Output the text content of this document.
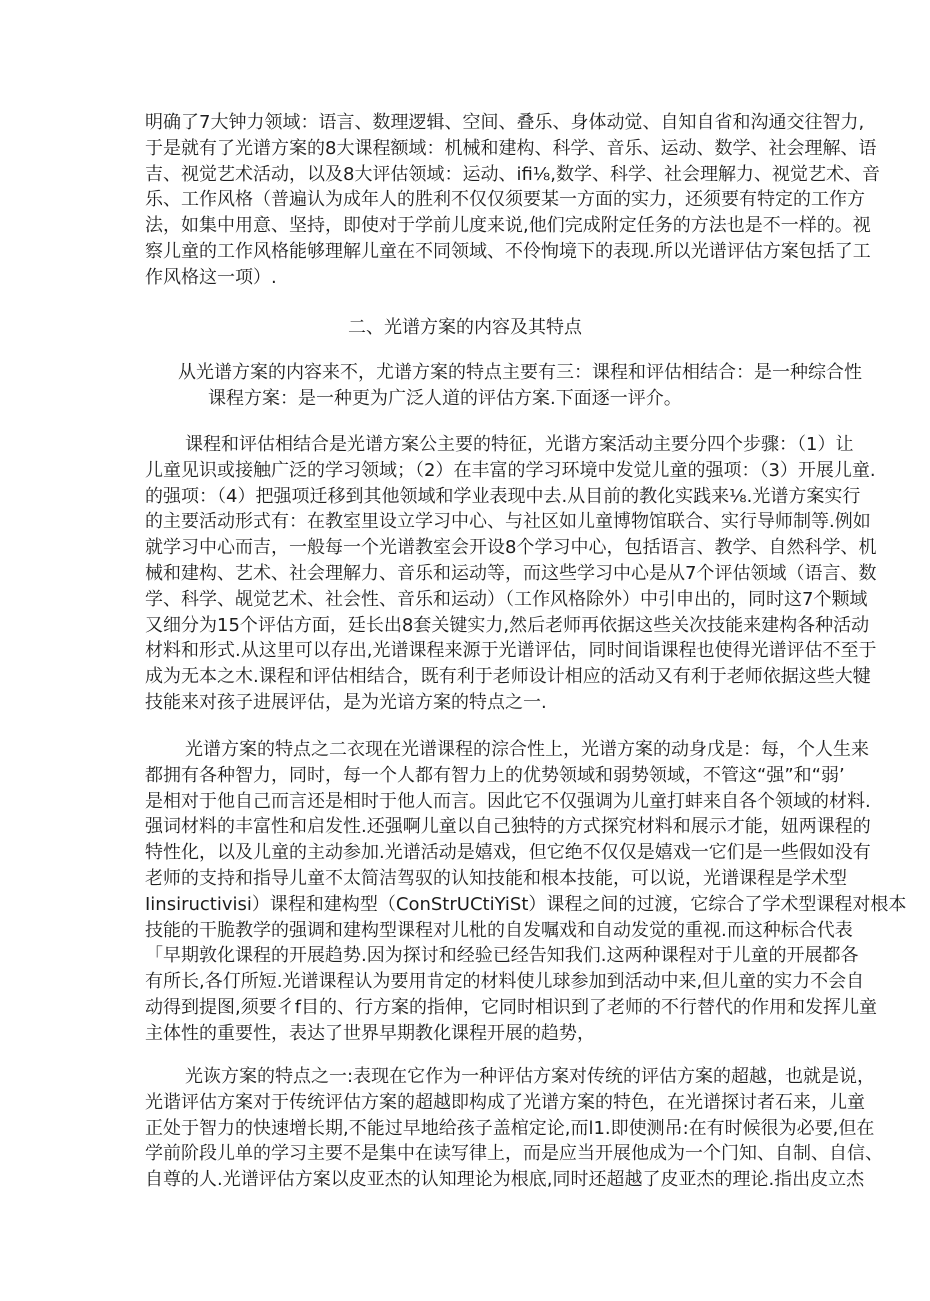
二、光谱方案的内容及其特点
明确了7大钟力领域：语言、数理逻辑、空间、叠乐、身体动觉、自知自省和沟通交往智力,
于是就有了光谱方案的8大课程额域：机械和建构、科学、音乐、运动、数学、社会理解、语
吉、视觉艺术活动，以及8大评估领域：运动、ifi⅛,数学、科学、社会理解力、视觉艺术、音
乐、工作风格（普遍认为成年人的胜利不仅仅须要某一方面的实力，还须要有特定的工作方
法，如集中用意、坚持，即使对于学前儿度来说,他们完成附定任务的方法也是不一样的。视
察儿童的工作风格能够理解儿童在不同领域、不伶恂境下的表现.所以光谱评估方案包括了工
作风格这一项）.
从光谱方案的内容来不，尤谱方案的特点主要有三：课程和评估相结合：是一种综合性
课程方案：是一种更为广泛人道的评估方案.下面逐一评介。
课程和评估相结合是光谱方案公主要的特征，光谐方案活动主要分四个步骤：（1）让
儿童见识或接触广泛的学习领域；（2）在丰富的学习环境中发觉儿童的强项：（3）开展儿童.
的强项：（4）把强项迁移到其他领域和学业表现中去.从目前的教化实践来⅛.光谱方案实行
的主要活动形式有：在教室里设立学习中心、与社区如儿童博物馆联合、实行导师制等.例如
就学习中心而吉，一般每一个光谱教室会开设8个学习中心，包括语言、教学、自然科学、机
械和建构、艺术、社会理解力、音乐和运动等，而这些学习中心是从7个评估领域（语言、数
学、科学、觇觉艺术、社会性、音乐和运动）（工作风格除外）中引申出的，同时这7个颗域
又细分为15个评估方面，廷长出8套关键实力,然后老师再依据这些关次技能来建构各种活动
材料和形式.从这里可以存出,光谱课程来源于光谱评估，同时间诣课程也使得光谱评估不至于
成为无本之木.课程和评估相结合，既有利于老师设计相应的活动又有利于老师依据这些大犍
技能来对孩子进展评估，是为光谙方案的特点之一.
光谱方案的特点之二衣现在光谱课程的淙合性上，光谱方案的动身戊是：每，个人生来
都拥有各种智力，同时，每一个人都有智力上的优势领域和弱势领域，不管这“强”和“弱’
是相对于他自己而言还是相时于他人而言。因此它不仅强调为儿童打蚌来自各个领域的材料.
强词材料的丰富性和启发性.还强啊儿童以自己独特的方式探究材料和展示才能，妞两课程的
特性化，以及儿童的主动参加.光谱活动是嬉戏，但它绝不仅仅是嬉戏一它们是一些假如没有
老师的支持和指导儿童不太简洁驾驭的认知技能和根本技能，可以说，光谱课程是学术型
Iinsiructivisi）课程和建构型（ConStrUCtiYiSt）课程之间的过渡，它综合了学术型课程对根本
技能的干脆教学的强调和建构型课程对儿枇的自发嘱戏和自动发觉的重视.而这种标合代表
「早期敦化课程的开展趋势.因为探讨和经验已经告知我们.这两种课程对于儿童的开展都各
有所长,各仃所短.光谱课程认为要用肯定的材料使儿球参加到活动中来,但儿童的实力不会自
动得到提图,须要彳f目的、行方案的指伸，它同时相识到了老师的不行替代的作用和发挥儿童
主体性的重要性，表达了世界早期教化课程开展的趋势，
光诙方案的特点之一:表现在它作为一种评估方案对传统的评估方案的超越，也就是说，
光谐评估方案对于传统评估方案的超越即构成了光谱方案的特色，在光谱探讨者石来，儿童
正处于智力的快速增长期,不能过早地给孩子盖棺定论,而l1.即使测吊:在有时候很为必要,但在
学前阶段儿单的学习主要不是集中在读写律上，而是应当开展他成为一个门知、自制、自信、
自尊的人.光谱评估方案以皮亚杰的认知理论为根底,同时还超越了皮亚杰的理论.指出皮立杰
